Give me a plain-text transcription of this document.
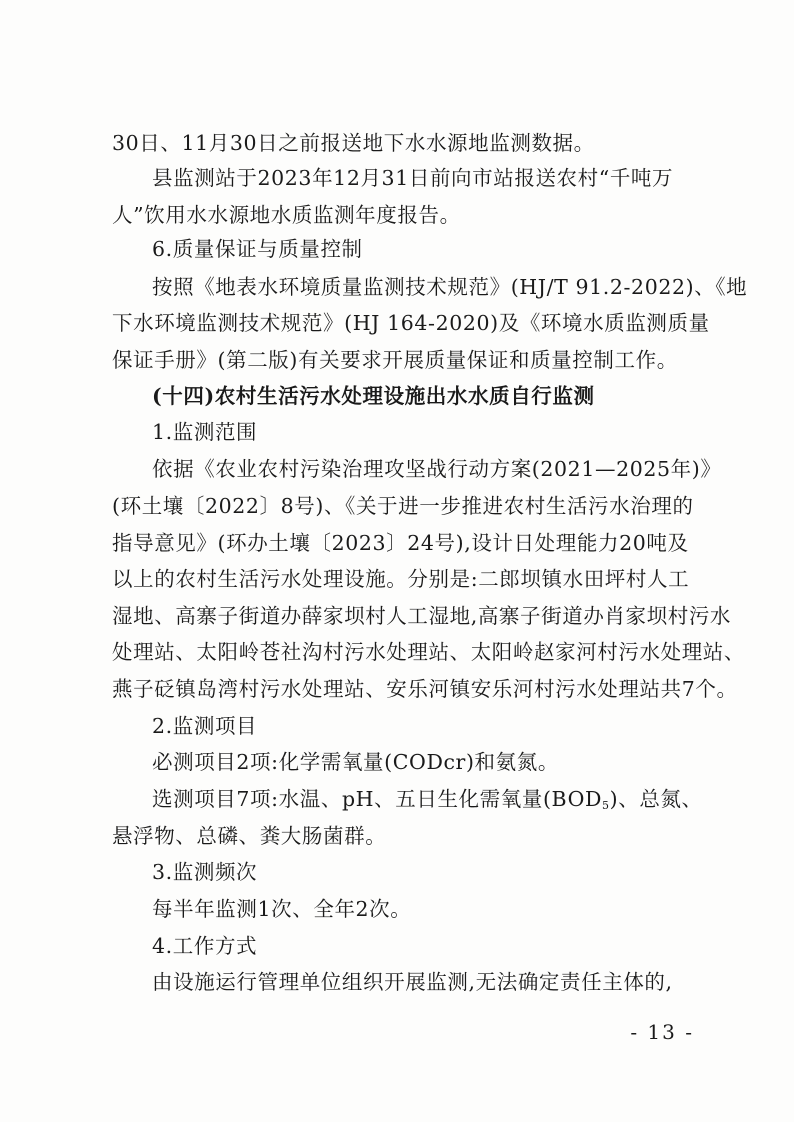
30日、11月30日之前报送地下水水源地监测数据。
县监测站于2023年12月31日前向市站报送农村“千吨万
人”饮用水水源地水质监测年度报告。
6.质量保证与质量控制
按照《地表水环境质量监测技术规范》(HJ/T 91.2-2022)、《地
下水环境监测技术规范》(HJ 164-2020)及《环境水质监测质量
保证手册》(第二版)有关要求开展质量保证和质量控制工作。
(十四)农村生活污水处理设施出水水质自行监测
1.监测范围
依据《农业农村污染治理攻坚战行动方案(2021—2025年)》
(环土壤〔2022〕8号)、《关于进一步推进农村生活污水治理的
指导意见》(环办土壤〔2023〕24号),设计日处理能力20吨及
以上的农村生活污水处理设施。分别是:二郎坝镇水田坪村人工
湿地、高寨子街道办薛家坝村人工湿地,高寨子街道办肖家坝村污水
处理站、太阳岭苍社沟村污水处理站、太阳岭赵家河村污水处理站、
燕子砭镇岛湾村污水处理站、安乐河镇安乐河村污水处理站共7个。
2.监测项目
必测项目2项:化学需氧量(CODcr)和氨氮。
选测项目7项:水温、pH、五日生化需氧量$(BOD_5)$、总氮、
悬浮物、总磷、粪大肠菌群。
3.监测频次
每半年监测1次、全年2次。
4.工作方式
由设施运行管理单位组织开展监测,无法确定责任主体的,
- 13 -
